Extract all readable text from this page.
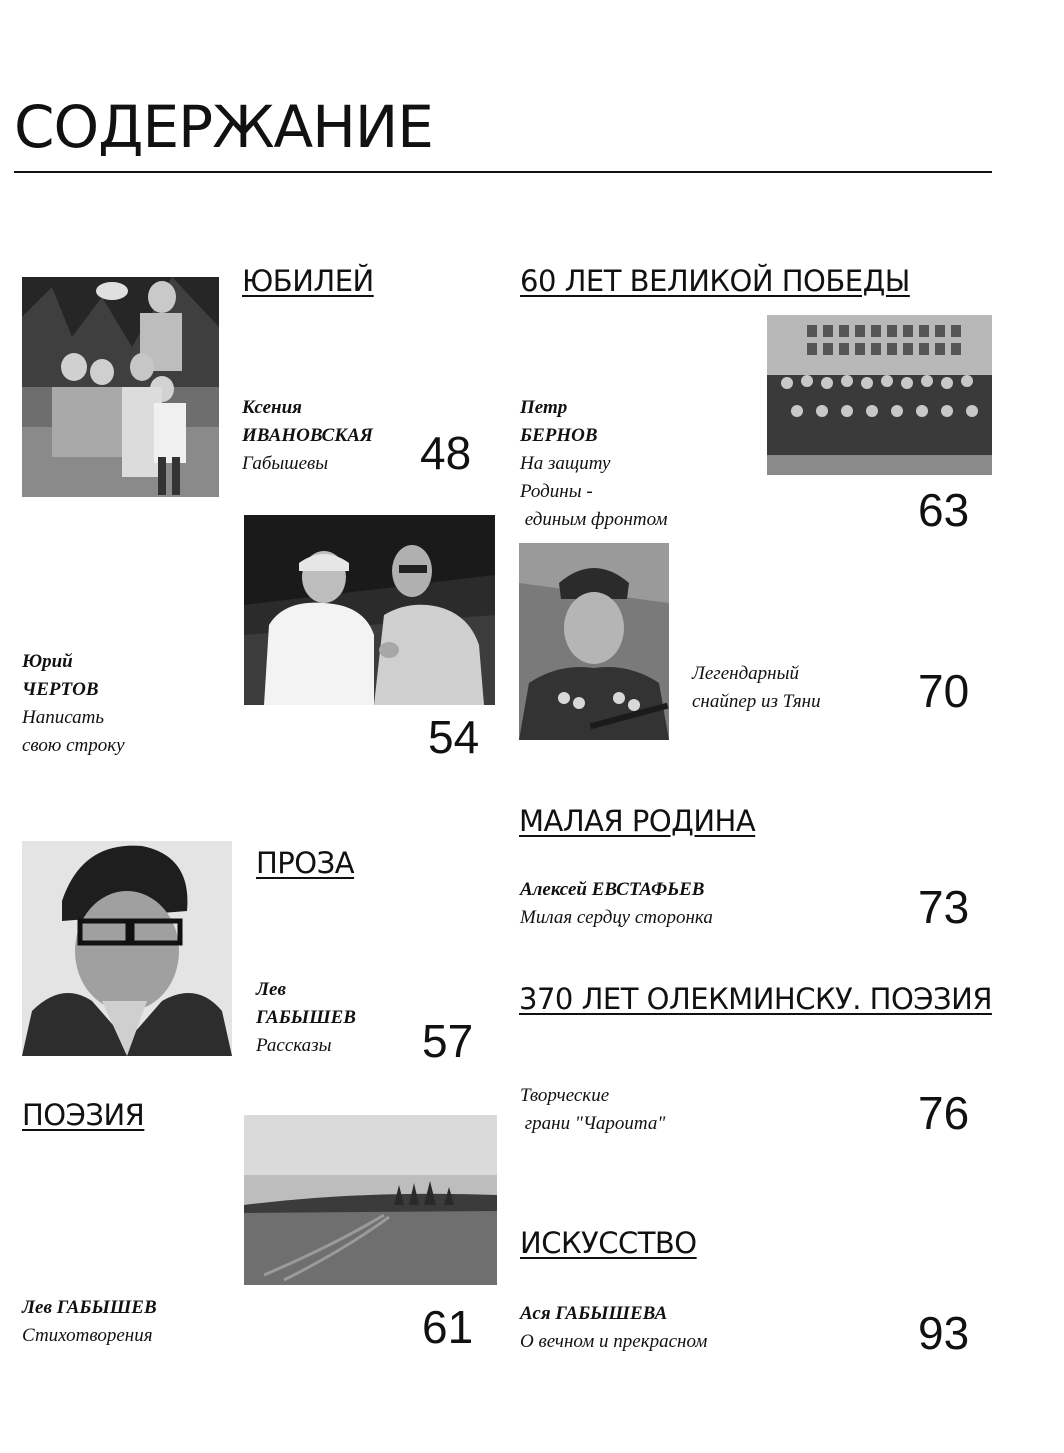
СОДЕРЖАНИЕ
ЮБИЛЕЙ
Ксения
ИВАНОВСКАЯ
Габышевы	48
Юрий
ЧЕРТОВ
Написать
свою строку	54
ПРОЗА
Лев
ГАБЫШЕВ
Рассказы	57
ПОЭЗИЯ
Лев ГАБЫШЕВ
Стихотворения	61
60 ЛЕТ ВЕЛИКОЙ ПОБЕДЫ
Петр
БЕРНОВ
На защиту
Родины -
единым фронтом	63
Легендарный
снайпер из Тяни 70
МАЛАЯ РОДИНА
Алексей ЕВСТАФЬЕВ
Милая сердцу сторонка	73
370 ЛЕТ ОЛЕКМИНСКУ. ПОЭЗИЯ
Творческие
грани "Чароита"	76
ИСКУССТВО
Ася ГАБЫШЕВА
О вечном и прекрасном	93
